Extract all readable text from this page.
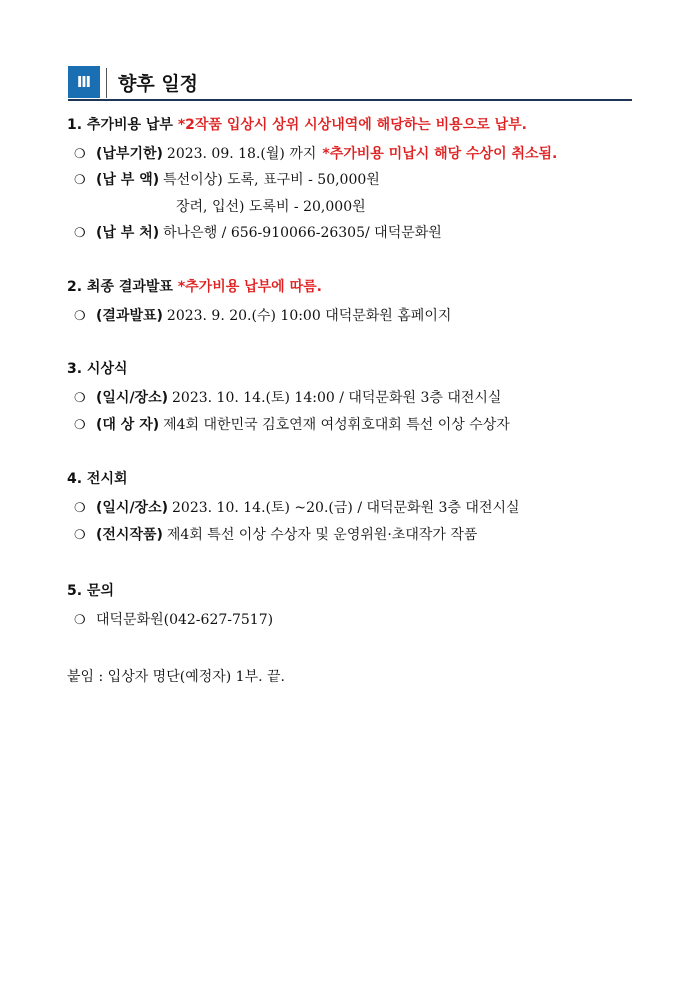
Ⅲ	향후 일정
1. 추가비용 납부 *2작품 입상시 상위 시상내역에 해당하는 비용으로 납부.
❍ (납부기한) 2023. 09. 18.(월) 까지 *추가비용 미납시 해당 수상이 취소됨.
❍ (납 부 액) 특선이상) 도록, 표구비 - 50,000원
장려, 입선) 도록비 - 20,000원
❍ (납 부 처) 하나은행 / 656-910066-26305/ 대덕문화원
2. 최종 결과발표 *추가비용 납부에 따름.
❍ (결과발표) 2023. 9. 20.(수) 10:00 대덕문화원 홈페이지
3. 시상식
❍ (일시/장소) 2023. 10. 14.(토) 14:00 / 대덕문화원 3층 대전시실
❍ (대 상 자) 제4회 대한민국 김호연재 여성휘호대회 특선 이상 수상자
4. 전시회
❍ (일시/장소) 2023. 10. 14.(토) ~20.(금) / 대덕문화원 3층 대전시실
❍ (전시작품) 제4회 특선 이상 수상자 및 운영위원·초대작가 작품
5. 문의
❍ 대덕문화원(042-627-7517)
붙임 : 입상자 명단(예정자) 1부. 끝.
